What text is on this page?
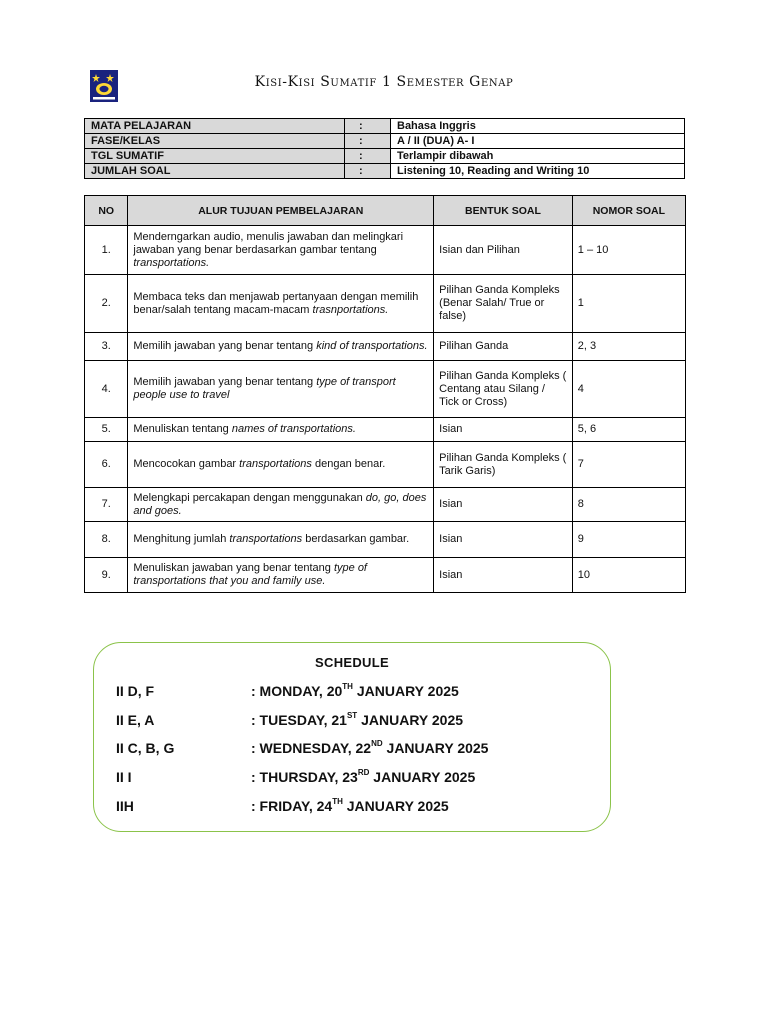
Kisi-Kisi Sumatif 1 Semester Genap
MATA PELAJARAN	:	Bahasa Inggris
FASE/KELAS	:	A / II (DUA) A- I
TGL SUMATIF	:	Terlampir dibawah
JUMLAH SOAL	:	Listening 10, Reading and Writing 10
NO	ALUR TUJUAN PEMBELAJARAN	BENTUK SOAL	NOMOR SOAL
1.	Menderngarkan audio, menulis jawaban dan melingkari jawaban yang benar berdasarkan gambar tentang transportations.	Isian dan Pilihan	1 – 10
2.	Membaca teks dan menjawab pertanyaan dengan memilih benar/salah tentang macam-macam trasnportations.	Pilihan Ganda Kompleks (Benar Salah/ True or false)	1
3.	Memilih jawaban yang benar tentang kind of transportations.	Pilihan Ganda	2, 3
4.	Memilih jawaban yang benar tentang type of transport people use to travel	Pilihan Ganda Kompleks ( Centang atau Silang / Tick or Cross)	4
5.	Menuliskan tentang names of transportations.	Isian	5, 6
6.	Mencocokan gambar transportations dengan benar.	Pilihan Ganda Kompleks ( Tarik Garis)	7
7.	Melengkapi percakapan dengan menggunakan do, go, does and goes.	Isian	8
8.	Menghitung jumlah transportations berdasarkan gambar.	Isian	9
9.	Menuliskan jawaban yang benar tentang type of transportations that you and family use.	Isian	10
SCHEDULE
II D, F	: MONDAY, 20TH JANUARY 2025
II E, A	: TUESDAY, 21ST JANUARY 2025
II C, B, G	: WEDNESDAY, 22ND JANUARY 2025
II I	: THURSDAY, 23RD JANUARY 2025
IIH	: FRIDAY, 24TH JANUARY 2025
